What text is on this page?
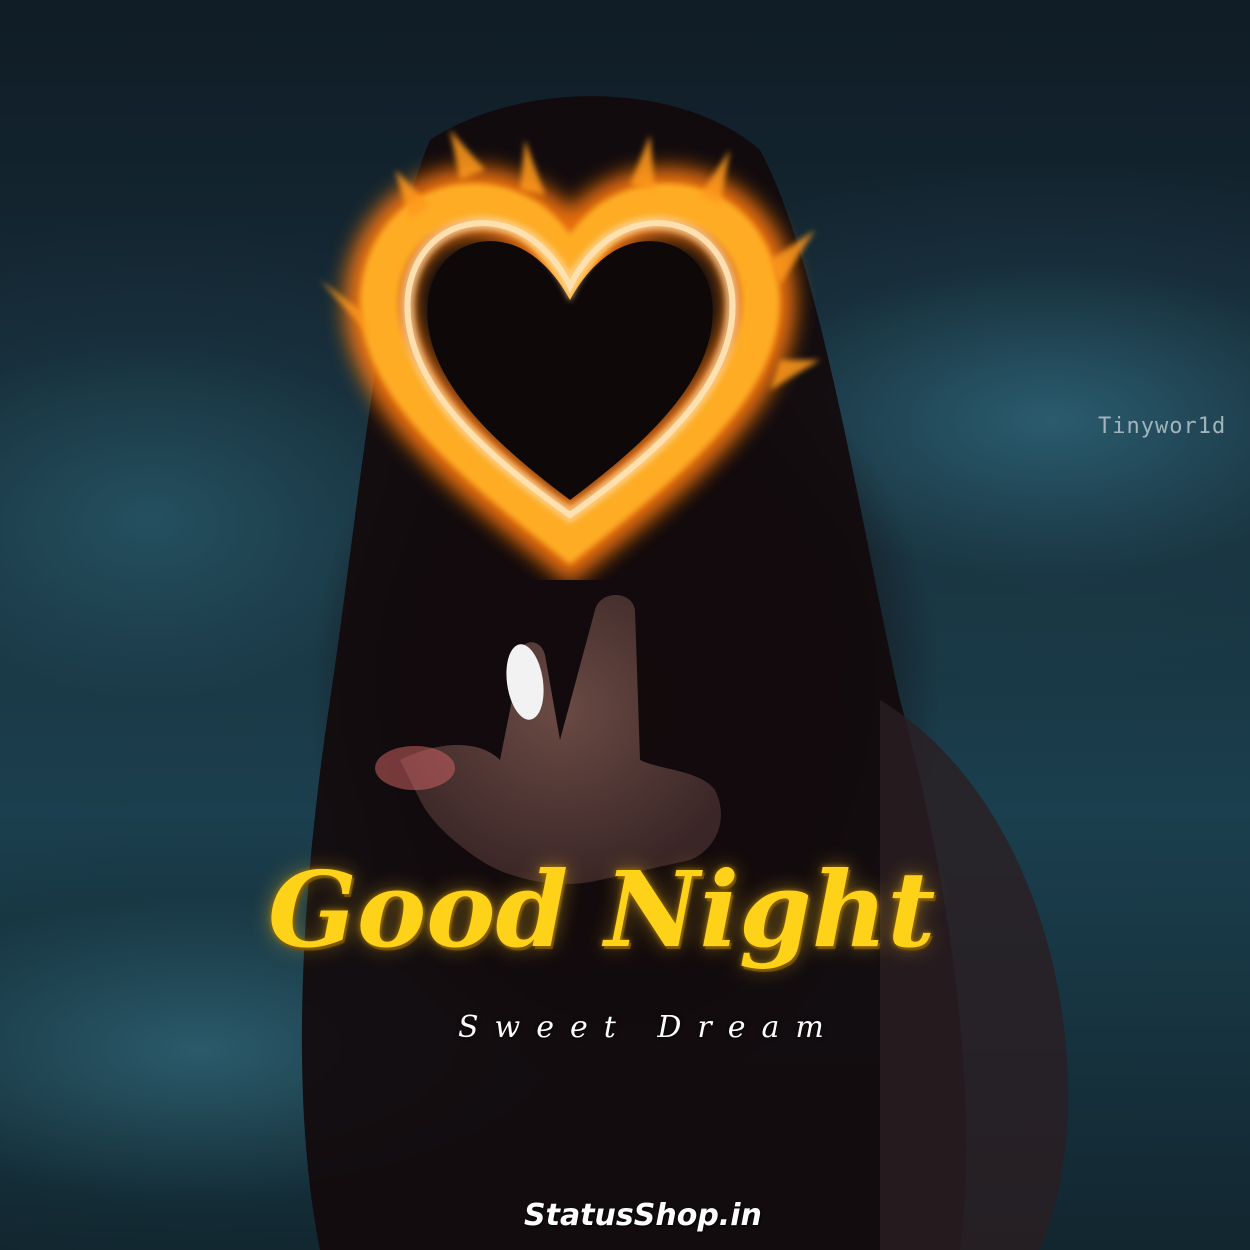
Tinywor1d
Good Night
Sweet Dream
StatusShop.in
